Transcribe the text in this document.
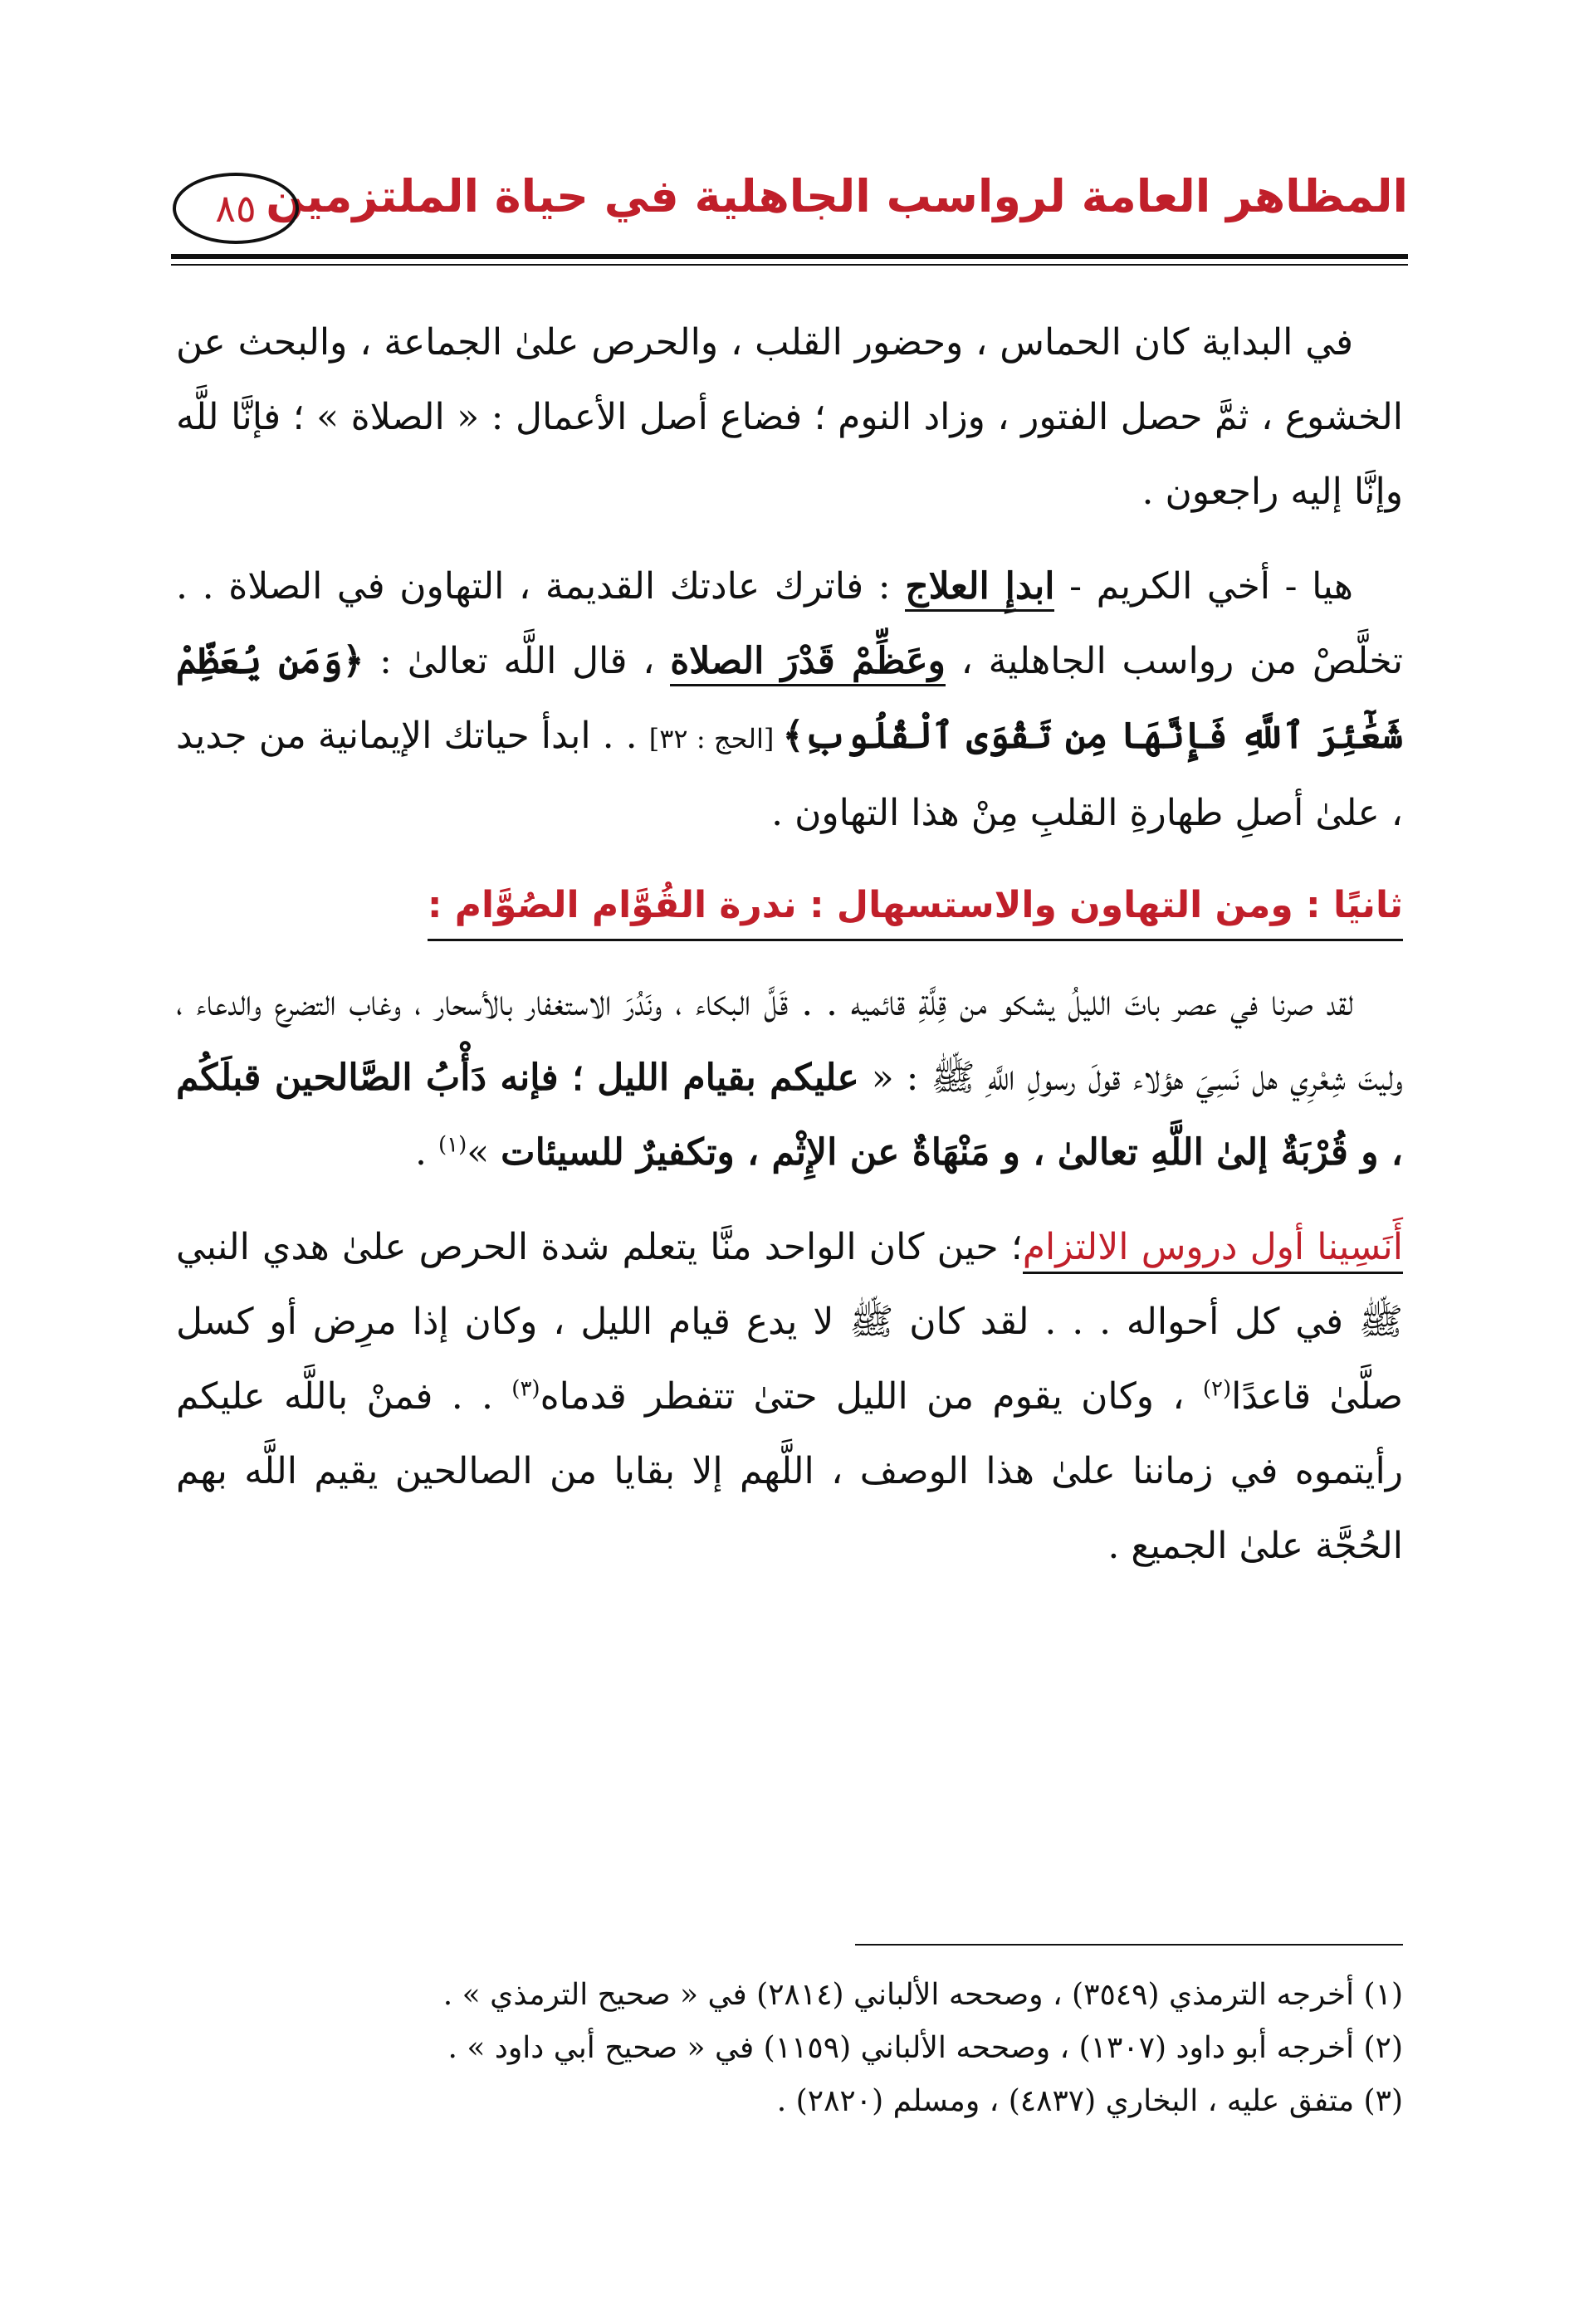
المظاهر العامة لرواسب الجاهلية في حياة الملتزمين
٨٥

في البداية كان الحماس ، وحضور القلب ، والحرص علىٰ الجماعة ، والبحث عن الخشوع ، ثمَّ حصل الفتور ، وزاد النوم ؛ فضاع أصل الأعمال : « الصلاة » ؛ فإنَّا للَّه وإنَّا إليه راجعون .

هيا - أخي الكريم - ابدإِ العلاج : فاترك عادتك القديمة ، التهاون في الصلاة . . تخلَّصْ من رواسب الجاهلية ، وعَظِّمْ قَدْرَ الصلاة ، قال اللَّه تعالىٰ : ﴿وَمَن يُعَظِّمْ شَعَٰٓئِرَ ٱللَّهِ فَإِنَّهَا مِن تَقْوَى ٱلْقُلُوبِ﴾ [الحج : ٣٢] . . ابدأ حياتك الإيمانية من جديد ، علىٰ أصلِ طهارةِ القلبِ مِنْ هذا التهاون .

ثانيًا : ومن التهاون والاستسهال : ندرة القُوَّام الصُوَّام :

لقد صرنا في عصر باتَ الليلُ يشكو من قِلَّةِ قائميه . . قَلَّ البكاء ، ونَدُرَ الاستغفار بالأسحار ، وغاب التضرع والدعاء ، وليتَ شِعْرِي هل نَسِيَ هؤلاء قولَ رسولِ اللَّهِ ﷺ : « عليكم بقيام الليل ؛ فإنه دَأْبُ الصَّالحين قبلَكُم ، و قُرْبَةٌ إلىٰ اللَّهِ تعالىٰ ، و مَنْهَاةٌ عن الإِثْم ، وتكفيرٌ للسيئات »$^{(١)}$ .

أَنَسِينا أول دروس الالتزام؛ حين كان الواحد منَّا يتعلم شدة الحرص علىٰ هدي النبي ﷺ في كل أحواله . . . لقد كان ﷺ لا يدع قيام الليل ، وكان إذا مرِض أو كسل صلَّىٰ قاعدًا$^{(٢)}$ ، وكان يقوم من الليل حتىٰ تتفطر قدماه$^{(٣)}$ . . فمنْ باللَّه عليكم رأيتموه في زماننا علىٰ هذا الوصف ، اللَّهم إلا بقايا من الصالحين يقيم اللَّه بهم الحُجَّة علىٰ الجميع .

(١) أخرجه الترمذي (٣٥٤٩) ، وصححه الألباني (٢٨١٤) في « صحيح الترمذي » .
(٢) أخرجه أبو داود (١٣٠٧) ، وصححه الألباني (١١٥٩) في « صحيح أبي داود » .
(٣) متفق عليه ، البخاري (٤٨٣٧) ، ومسلم (٢٨٢٠) .
